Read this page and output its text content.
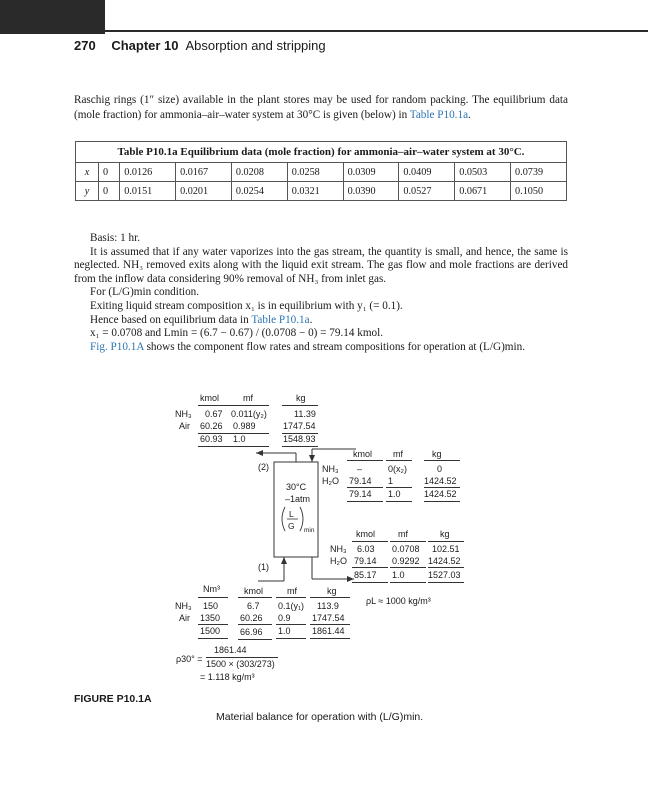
270 Chapter 10 Absorption and stripping
Raschig rings (1″ size) available in the plant stores may be used for random packing. The equilibrium data (mole fraction) for ammonia–air–water system at 30°C is given (below) in Table P10.1a.
Table P10.1a Equilibrium data (mole fraction) for ammonia–air–water system at 30°C.									
x	0	0.0126	0.0167	0.0208	0.0258	0.0309	0.0409	0.0503	0.0739
y	0	0.0151	0.0201	0.0254	0.0321	0.0390	0.0527	0.0671	0.1050

Basis: 1 hr.

It is assumed that if any water vaporizes into the gas stream, the quantity is small, and hence, the same is neglected. NH₃ removed exits along with the liquid exit stream. The gas flow and mole fractions are derived from the inflow data considering 90% removal of NH₃ from inlet gas.

For (L/G)min condition.

Exiting liquid stream composition x₁ is in equilibrium with y₁ (= 0.1).

Hence based on equilibrium data in Table P10.1a.

x₁ = 0.0708 and Lmin = (6.7 − 0.67) / (0.0708 − 0) = 79.14 kmol.

Fig. P10.1A shows the component flow rates and stream compositions for operation at (L/G)min.

kmol	mf	kg
NH₃ 0.67 0.011(y₂)	11.39
Air 60.26 0.989	1747.54
60.93 1.0	1548.93
kmol mf	kg
NH₃ –	0(x₂)	0
H₂O 79.14 1	1424.52
79.14 1.0	1424.52
(2)
30°C
–1atm
L
G min
(1)
kmol	mf	kg
NH₃ 6.03 0.0708 102.51
H₂O 79.14 0.9292 1424.52
85.17 1.0	1527.03
Nm³	kmol	mf	kg
NH₃ 150	6.7 0.1(y₁) 113.9
Air 1350 60.26 0.9 1747.54
1500 66.96 1.0 1861.44
ρL ≈ 1000 kg/m³
ρ30° =
1861.44
1500 × (303/273)
= 1.118 kg/m³
FIGURE P10.1A
Material balance for operation with (L/G)min.
